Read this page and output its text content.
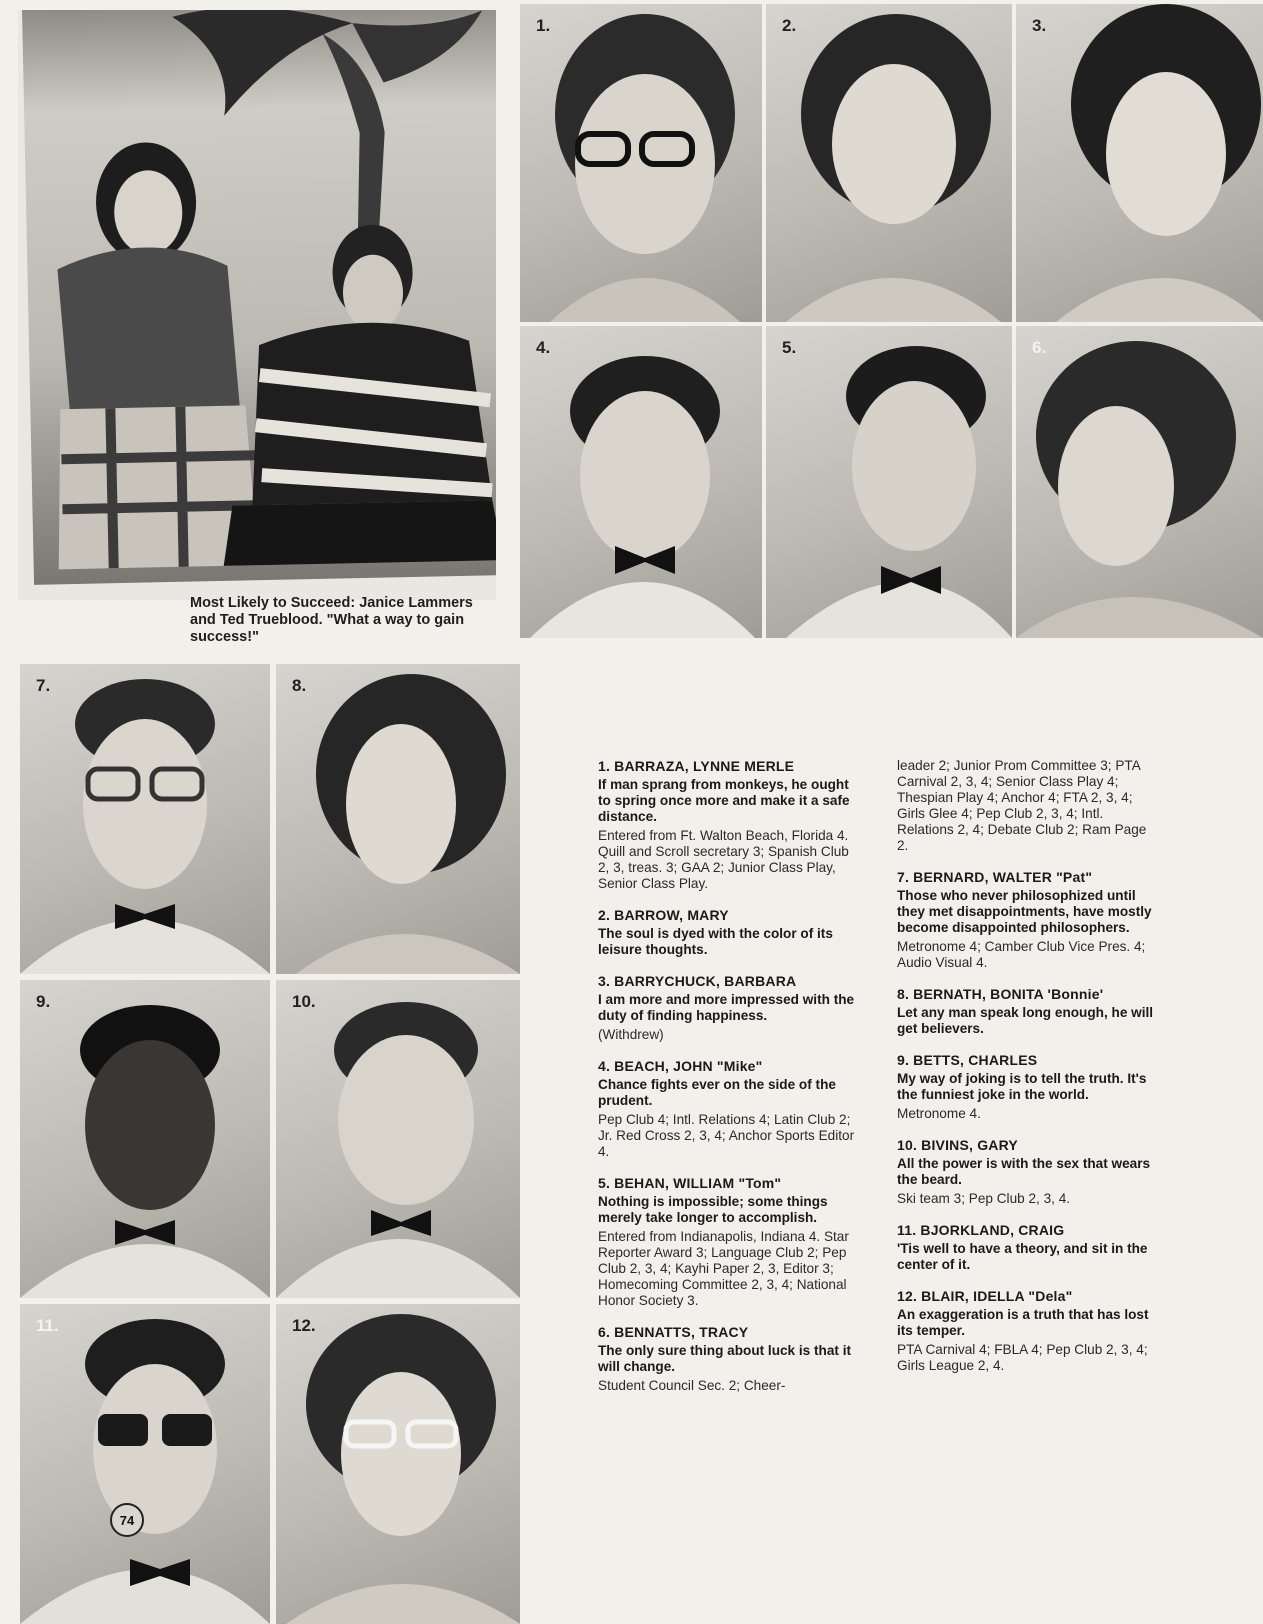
Most Likely to Succeed: Janice Lammers and Ted Trueblood. "What a way to gain success!"
1.	2.	3.
4.	5.	6.
7.	8.
9.	10.
11.	12.
74
1. BARRAZA, LYNNE MERLE
If man sprang from monkeys, he ought to spring once more and make it a safe distance.
Entered from Ft. Walton Beach, Florida 4. Quill and Scroll secretary 3; Spanish Club 2, 3, treas. 3; GAA 2; Junior Class Play, Senior Class Play.
2. BARROW, MARY
The soul is dyed with the color of its leisure thoughts.
3. BARRYCHUCK, BARBARA
I am more and more impressed with the duty of finding happiness.
(Withdrew)
4. BEACH, JOHN "Mike"
Chance fights ever on the side of the prudent.
Pep Club 4; Intl. Relations 4; Latin Club 2; Jr. Red Cross 2, 3, 4; Anchor Sports Editor 4.
5. BEHAN, WILLIAM "Tom"
Nothing is impossible; some things merely take longer to accomplish.
Entered from Indianapolis, Indiana 4. Star Reporter Award 3; Language Club 2; Pep Club 2, 3, 4; Kayhi Paper 2, 3, Editor 3; Homecoming Committee 2, 3, 4; National Honor Society 3.
6. BENNATTS, TRACY
The only sure thing about luck is that it will change.
Student Council Sec. 2; Cheer-
leader 2; Junior Prom Committee 3; PTA Carnival 2, 3, 4; Senior Class Play 4; Thespian Play 4; Anchor 4; FTA 2, 3, 4; Girls Glee 4; Pep Club 2, 3, 4; Intl. Relations 2, 4; Debate Club 2; Ram Page 2.
7. BERNARD, WALTER "Pat"
Those who never philosophized until they met disappointments, have mostly become disappointed philosophers.
Metronome 4; Camber Club Vice Pres. 4; Audio Visual 4.
8. BERNATH, BONITA 'Bonnie'
Let any man speak long enough, he will get believers.
9. BETTS, CHARLES
My way of joking is to tell the truth. It's the funniest joke in the world.
Metronome 4.
10. BIVINS, GARY
All the power is with the sex that wears the beard.
Ski team 3; Pep Club 2, 3, 4.
11. BJORKLAND, CRAIG
'Tis well to have a theory, and sit in the center of it.
12. BLAIR, IDELLA "Dela"
An exaggeration is a truth that has lost its temper.
PTA Carnival 4; FBLA 4; Pep Club 2, 3, 4; Girls League 2, 4.
